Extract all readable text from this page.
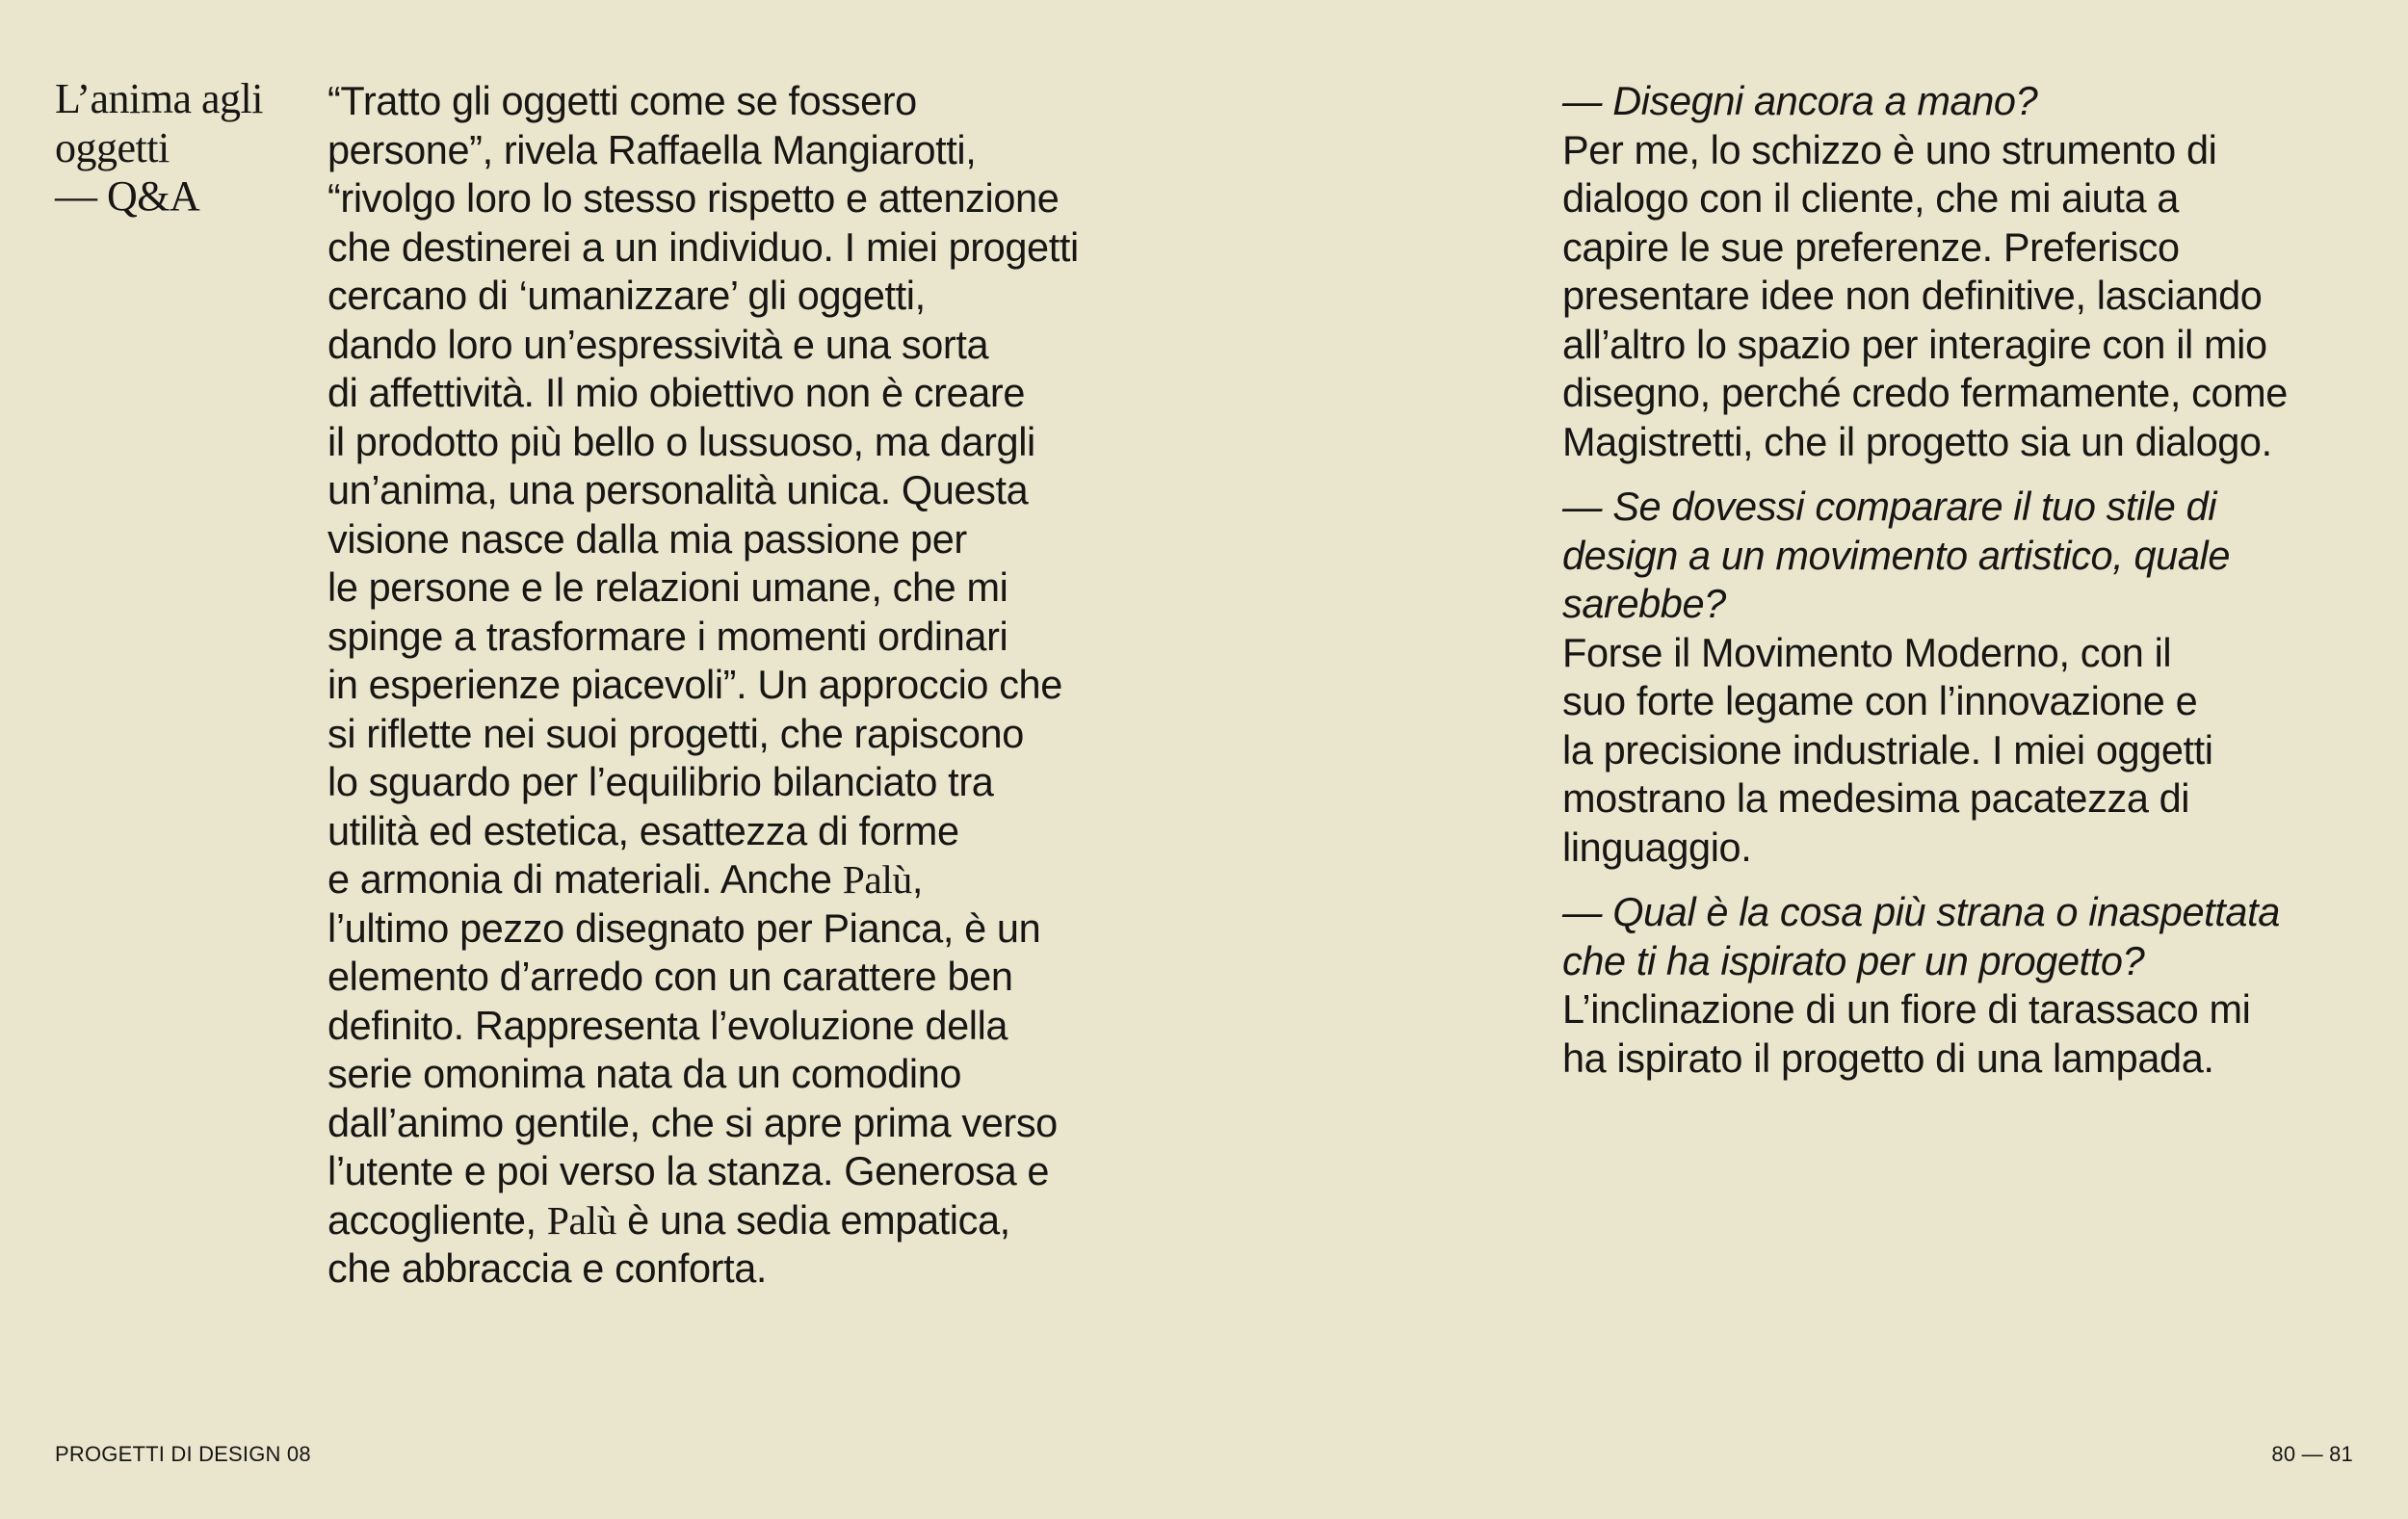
L’anima agli
oggetti
— Q&A
“Tratto gli oggetti come se fossero
persone”, rivela Raffaella Mangiarotti,
“rivolgo loro lo stesso rispetto e attenzione
che destinerei a un individuo. I miei progetti
cercano di ‘umanizzare’ gli oggetti,
dando loro un’espressività e una sorta
di affettività. Il mio obiettivo non è creare
il prodotto più bello o lussuoso, ma dargli
un’anima, una personalità unica. Questa
visione nasce dalla mia passione per
le persone e le relazioni umane, che mi
spinge a trasformare i momenti ordinari
in esperienze piacevoli”. Un approccio che
si riflette nei suoi progetti, che rapiscono
lo sguardo per l’equilibrio bilanciato tra
utilità ed estetica, esattezza di forme
e armonia di materiali. Anche Palù,
l’ultimo pezzo disegnato per Pianca, è un
elemento d’arredo con un carattere ben
definito. Rappresenta l’evoluzione della
serie omonima nata da un comodino
dall’animo gentile, che si apre prima verso
l’utente e poi verso la stanza. Generosa e
accogliente, Palù è una sedia empatica,
che abbraccia e conforta.
— Disegni ancora a mano?
Per me, lo schizzo è uno strumento di
dialogo con il cliente, che mi aiuta a
capire le sue preferenze. Preferisco
presentare idee non definitive, lasciando
all’altro lo spazio per interagire con il mio
disegno, perché credo fermamente, come
Magistretti, che il progetto sia un dialogo.
— Se dovessi comparare il tuo stile di
design a un movimento artistico, quale
sarebbe?
Forse il Movimento Moderno, con il
suo forte legame con l’innovazione e
la precisione industriale. I miei oggetti
mostrano la medesima pacatezza di
linguaggio.
— Qual è la cosa più strana o inaspettata
che ti ha ispirato per un progetto?
L’inclinazione di un fiore di tarassaco mi
ha ispirato il progetto di una lampada.
PROGETTI DI DESIGN 08	80 — 81
